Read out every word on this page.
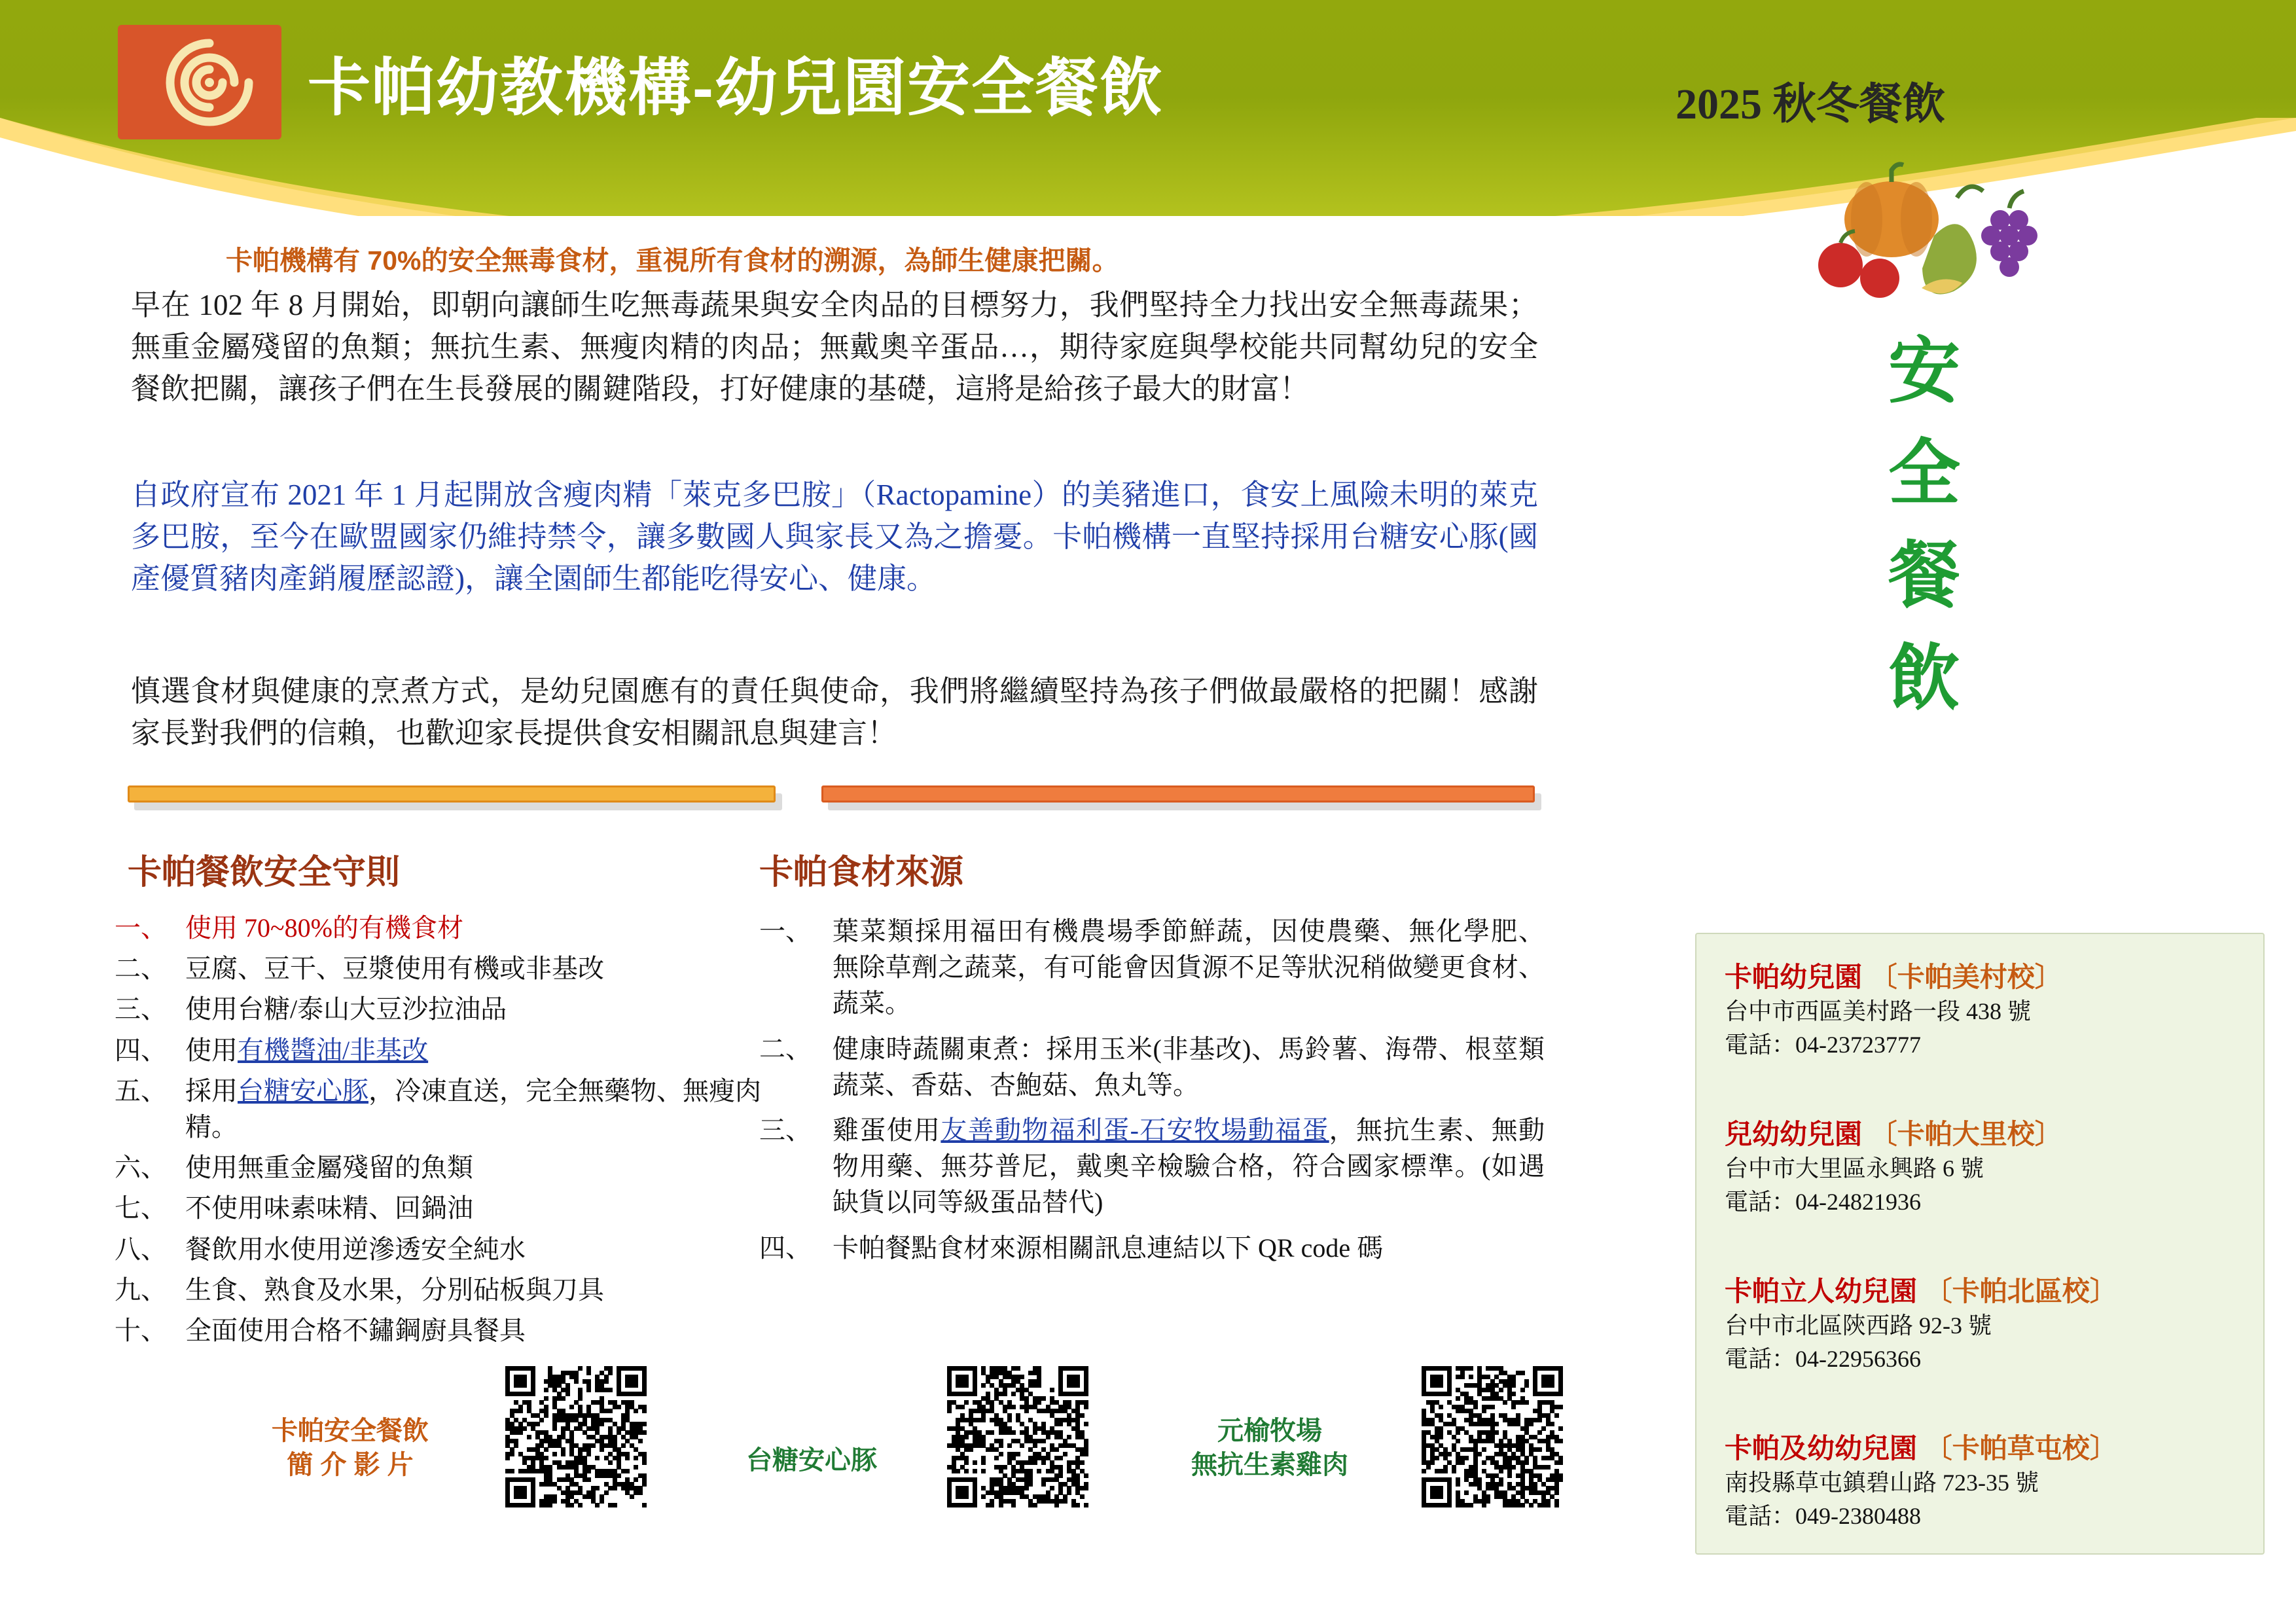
卡帕幼教機構-幼兒園安全餐飲	2025 秋冬餐飲
卡帕機構有 70%的安全無毒食材，重視所有食材的溯源，為師生健康把關。
早在 102 年 8 月開始，即朝向讓師生吃無毒蔬果與安全肉品的目標努力，我們堅持全力找出安全無毒蔬果；無重金屬殘留的魚類；無抗生素、無瘦肉精的肉品；無戴奧辛蛋品…，期待家庭與學校能共同幫幼兒的安全餐飲把關，讓孩子們在生長發展的關鍵階段，打好健康的基礎，這將是給孩子最大的財富！
自政府宣布 2021 年 1 月起開放含瘦肉精「萊克多巴胺」（Ractopamine）的美豬進口，食安上風險未明的萊克多巴胺，至今在歐盟國家仍維持禁令，讓多數國人與家長又為之擔憂。卡帕機構一直堅持採用台糖安心豚(國產優質豬肉產銷履歷認證)，讓全園師生都能吃得安心、健康。
慎選食材與健康的烹煮方式，是幼兒園應有的責任與使命，我們將繼續堅持為孩子們做最嚴格的把關！感謝家長對我們的信賴，也歡迎家長提供食安相關訊息與建言！
卡帕餐飲安全守則	卡帕食材來源
一、 使用 70~80%的有機食材
二、 豆腐、豆干、豆漿使用有機或非基改
三、 使用台糖/泰山大豆沙拉油品
四、 使用有機醬油/非基改
五、 採用台糖安心豚，冷凍直送，完全無藥物、無瘦肉精。
六、 使用無重金屬殘留的魚類
七、 不使用味素味精、回鍋油
八、 餐飲用水使用逆滲透安全純水
九、 生食、熟食及水果，分別砧板與刀具
十、 全面使用合格不鏽鋼廚具餐具
一、 葉菜類採用福田有機農場季節鮮蔬，因使農藥、無化學肥、 無除草劑之蔬菜，有可能會因貨源不足等狀況稍做變更食材、蔬菜。
二、 健康時蔬關東煮：採用玉米(非基改)、馬鈴薯、海帶、根莖類蔬菜、香菇、杏鮑菇、魚丸等。
三、 雞蛋使用友善動物福利蛋-石安牧場動福蛋，無抗生素、無動物用藥、無芬普尼，戴奧辛檢驗合格，符合國家標準。(如遇缺貨以同等級蛋品替代)
四、 卡帕餐點食材來源相關訊息連結以下 QR code 碼
卡帕安全餐飲
簡 介 影 片	台糖安心豚
元榆牧場
無抗生素雞肉
安
全
餐
飲
卡帕幼兒園 〔卡帕美村校〕
台中市西區美村路一段 438 號
電話：04-23723777
兒幼幼兒園 〔卡帕大里校〕
台中市大里區永興路 6 號
電話：04-24821936
卡帕立人幼兒園 〔卡帕北區校〕
台中市北區陝西路 92-3 號
電話：04-22956366
卡帕及幼幼兒園 〔卡帕草屯校〕
南投縣草屯鎮碧山路 723-35 號
電話：049-2380488
